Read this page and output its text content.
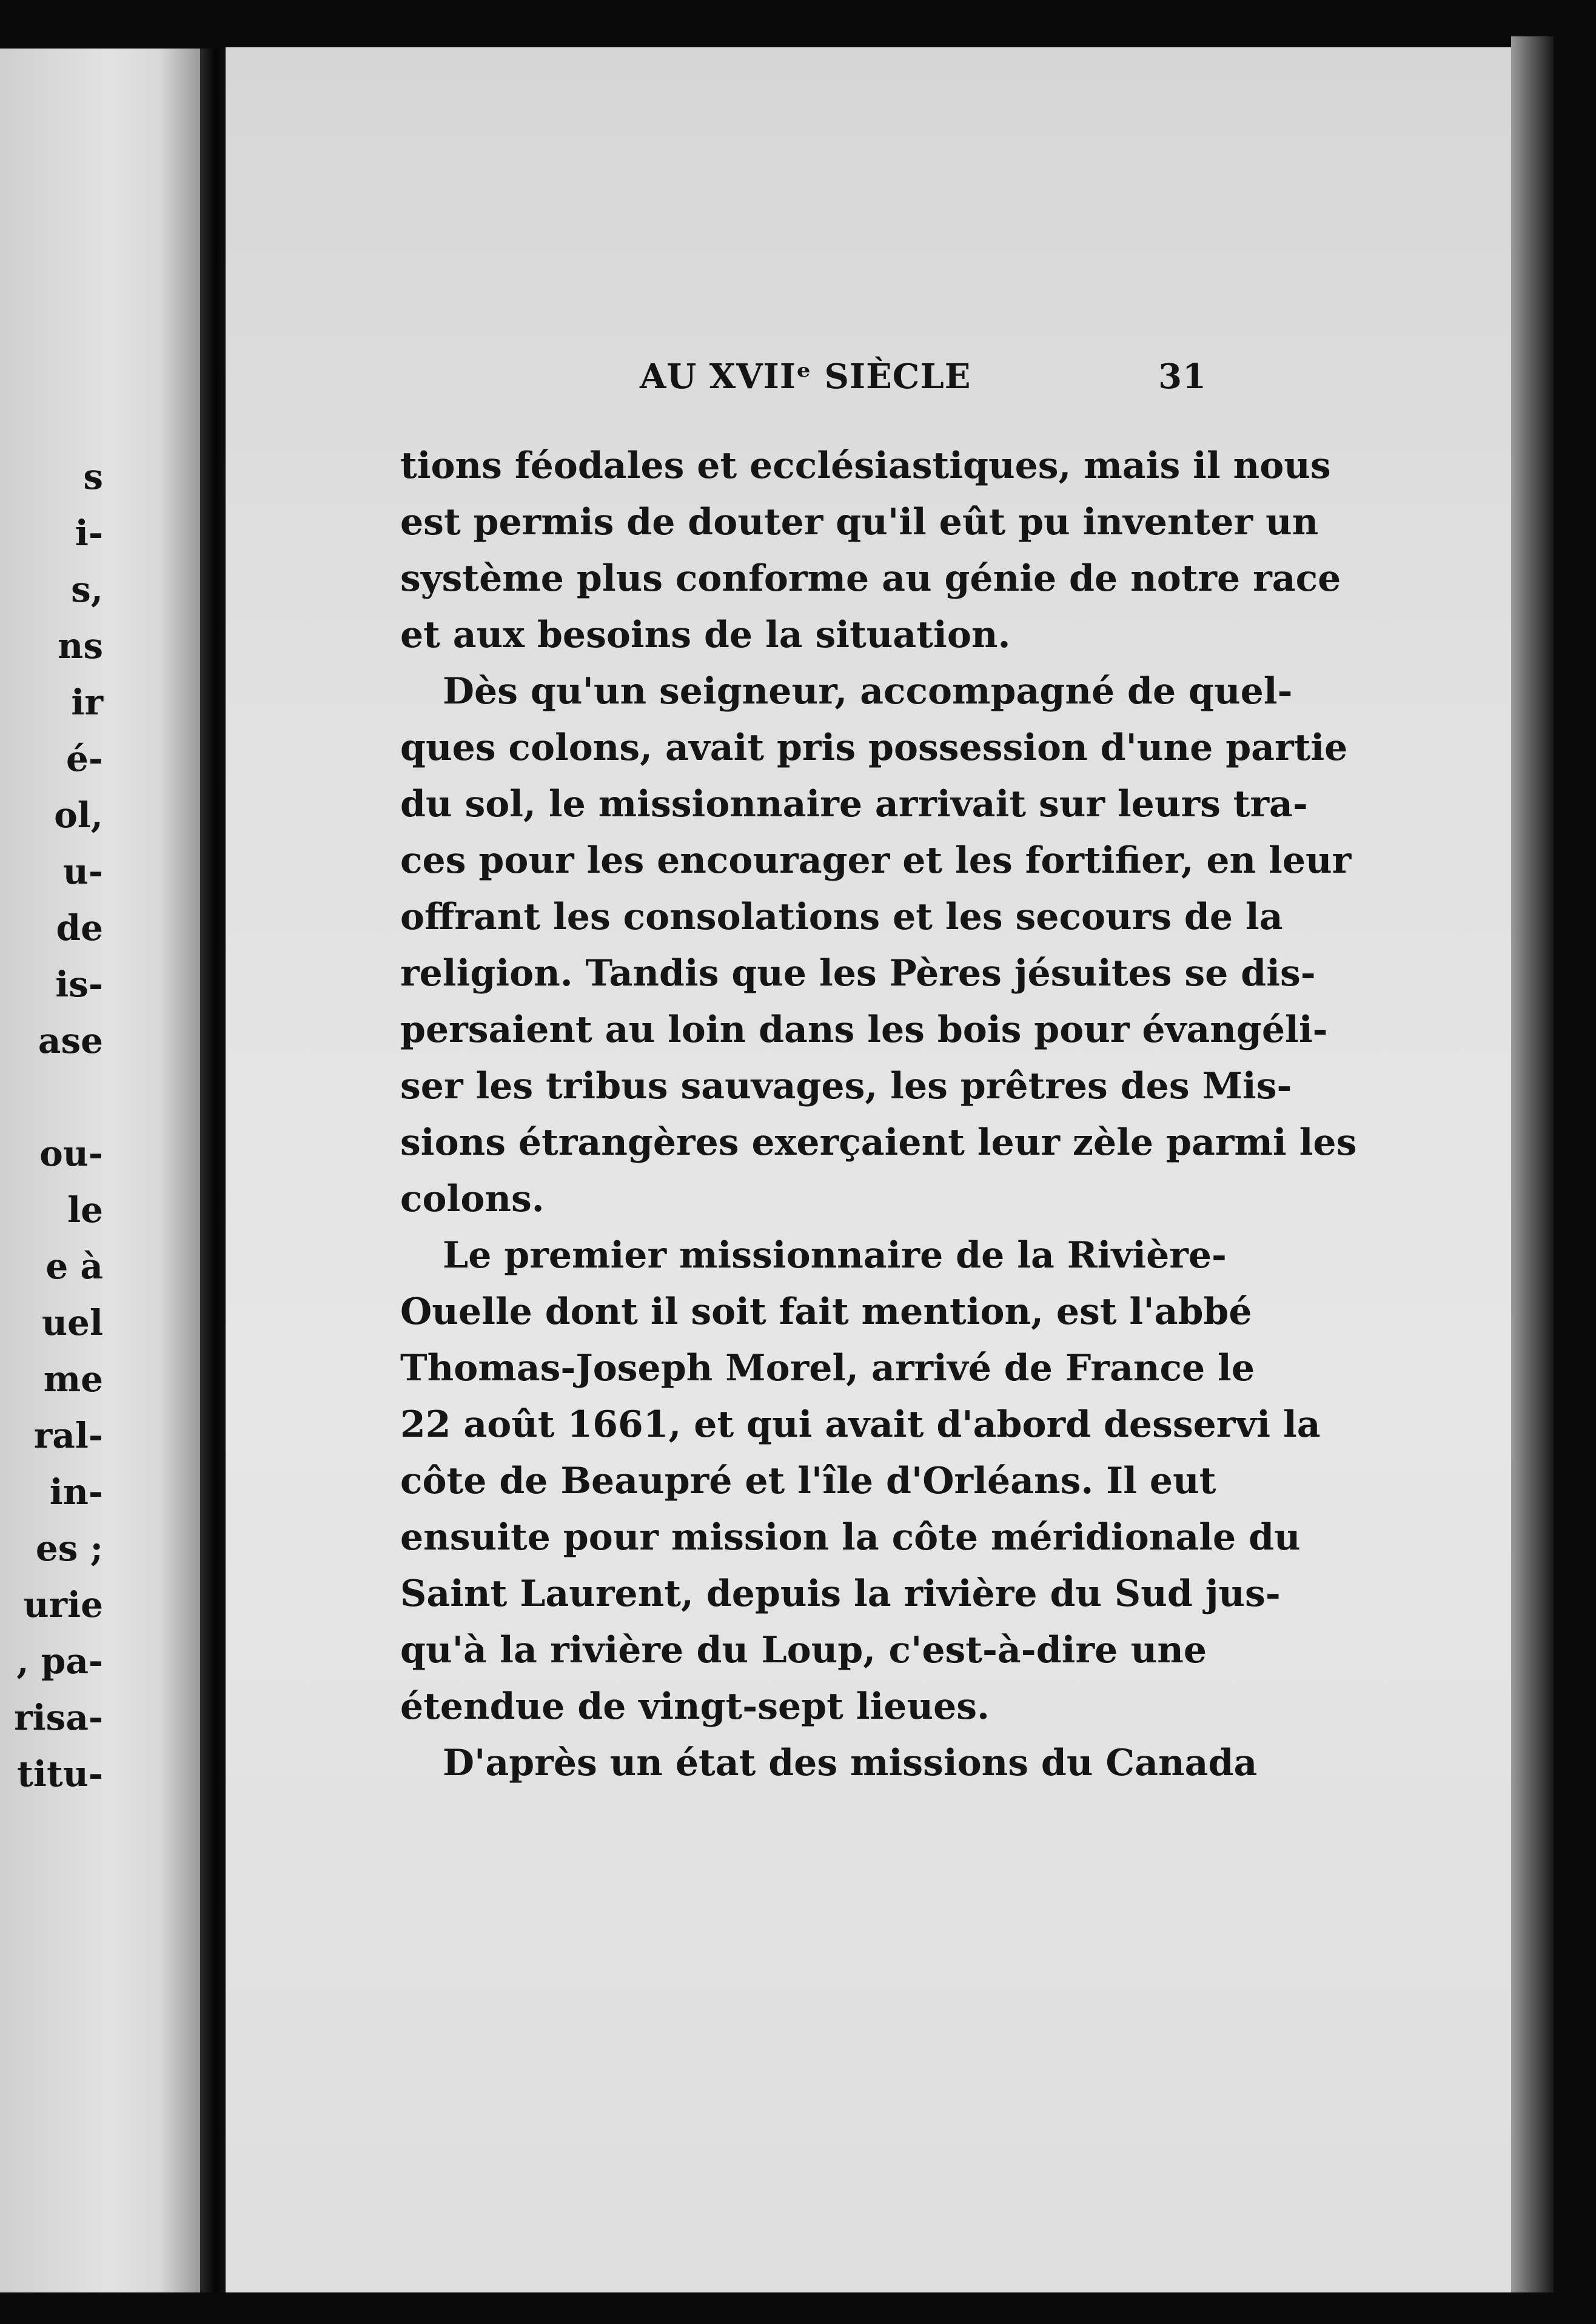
s
i-
s,
ns
ir
é-
ol,
u-
de
is-
ase
ou-
le
e à
uel
me
ral-
in-
es ;
urie
, pa-
risa-
titu-
AU XVIIᵉ SIÈCLE	31
tions féodales et ecclésiastiques, mais il nous
est permis de douter qu'il eût pu inventer un
système plus conforme au génie de notre race
et aux besoins de la situation.
Dès qu'un seigneur, accompagné de quel-
ques colons, avait pris possession d'une partie
du sol, le missionnaire arrivait sur leurs tra-
ces pour les encourager et les fortifier, en leur
offrant les consolations et les secours de la
religion. Tandis que les Pères jésuites se dis-
persaient au loin dans les bois pour évangéli-
ser les tribus sauvages, les prêtres des Mis-
sions étrangères exerçaient leur zèle parmi les
colons.
Le premier missionnaire de la Rivière-
Ouelle dont il soit fait mention, est l'abbé
Thomas-Joseph Morel, arrivé de France le
22 août 1661, et qui avait d'abord desservi la
côte de Beaupré et l'île d'Orléans. Il eut
ensuite pour mission la côte méridionale du
Saint Laurent, depuis la rivière du Sud jus-
qu'à la rivière du Loup, c'est-à-dire une
étendue de vingt-sept lieues.
D'après un état des missions du Canada
